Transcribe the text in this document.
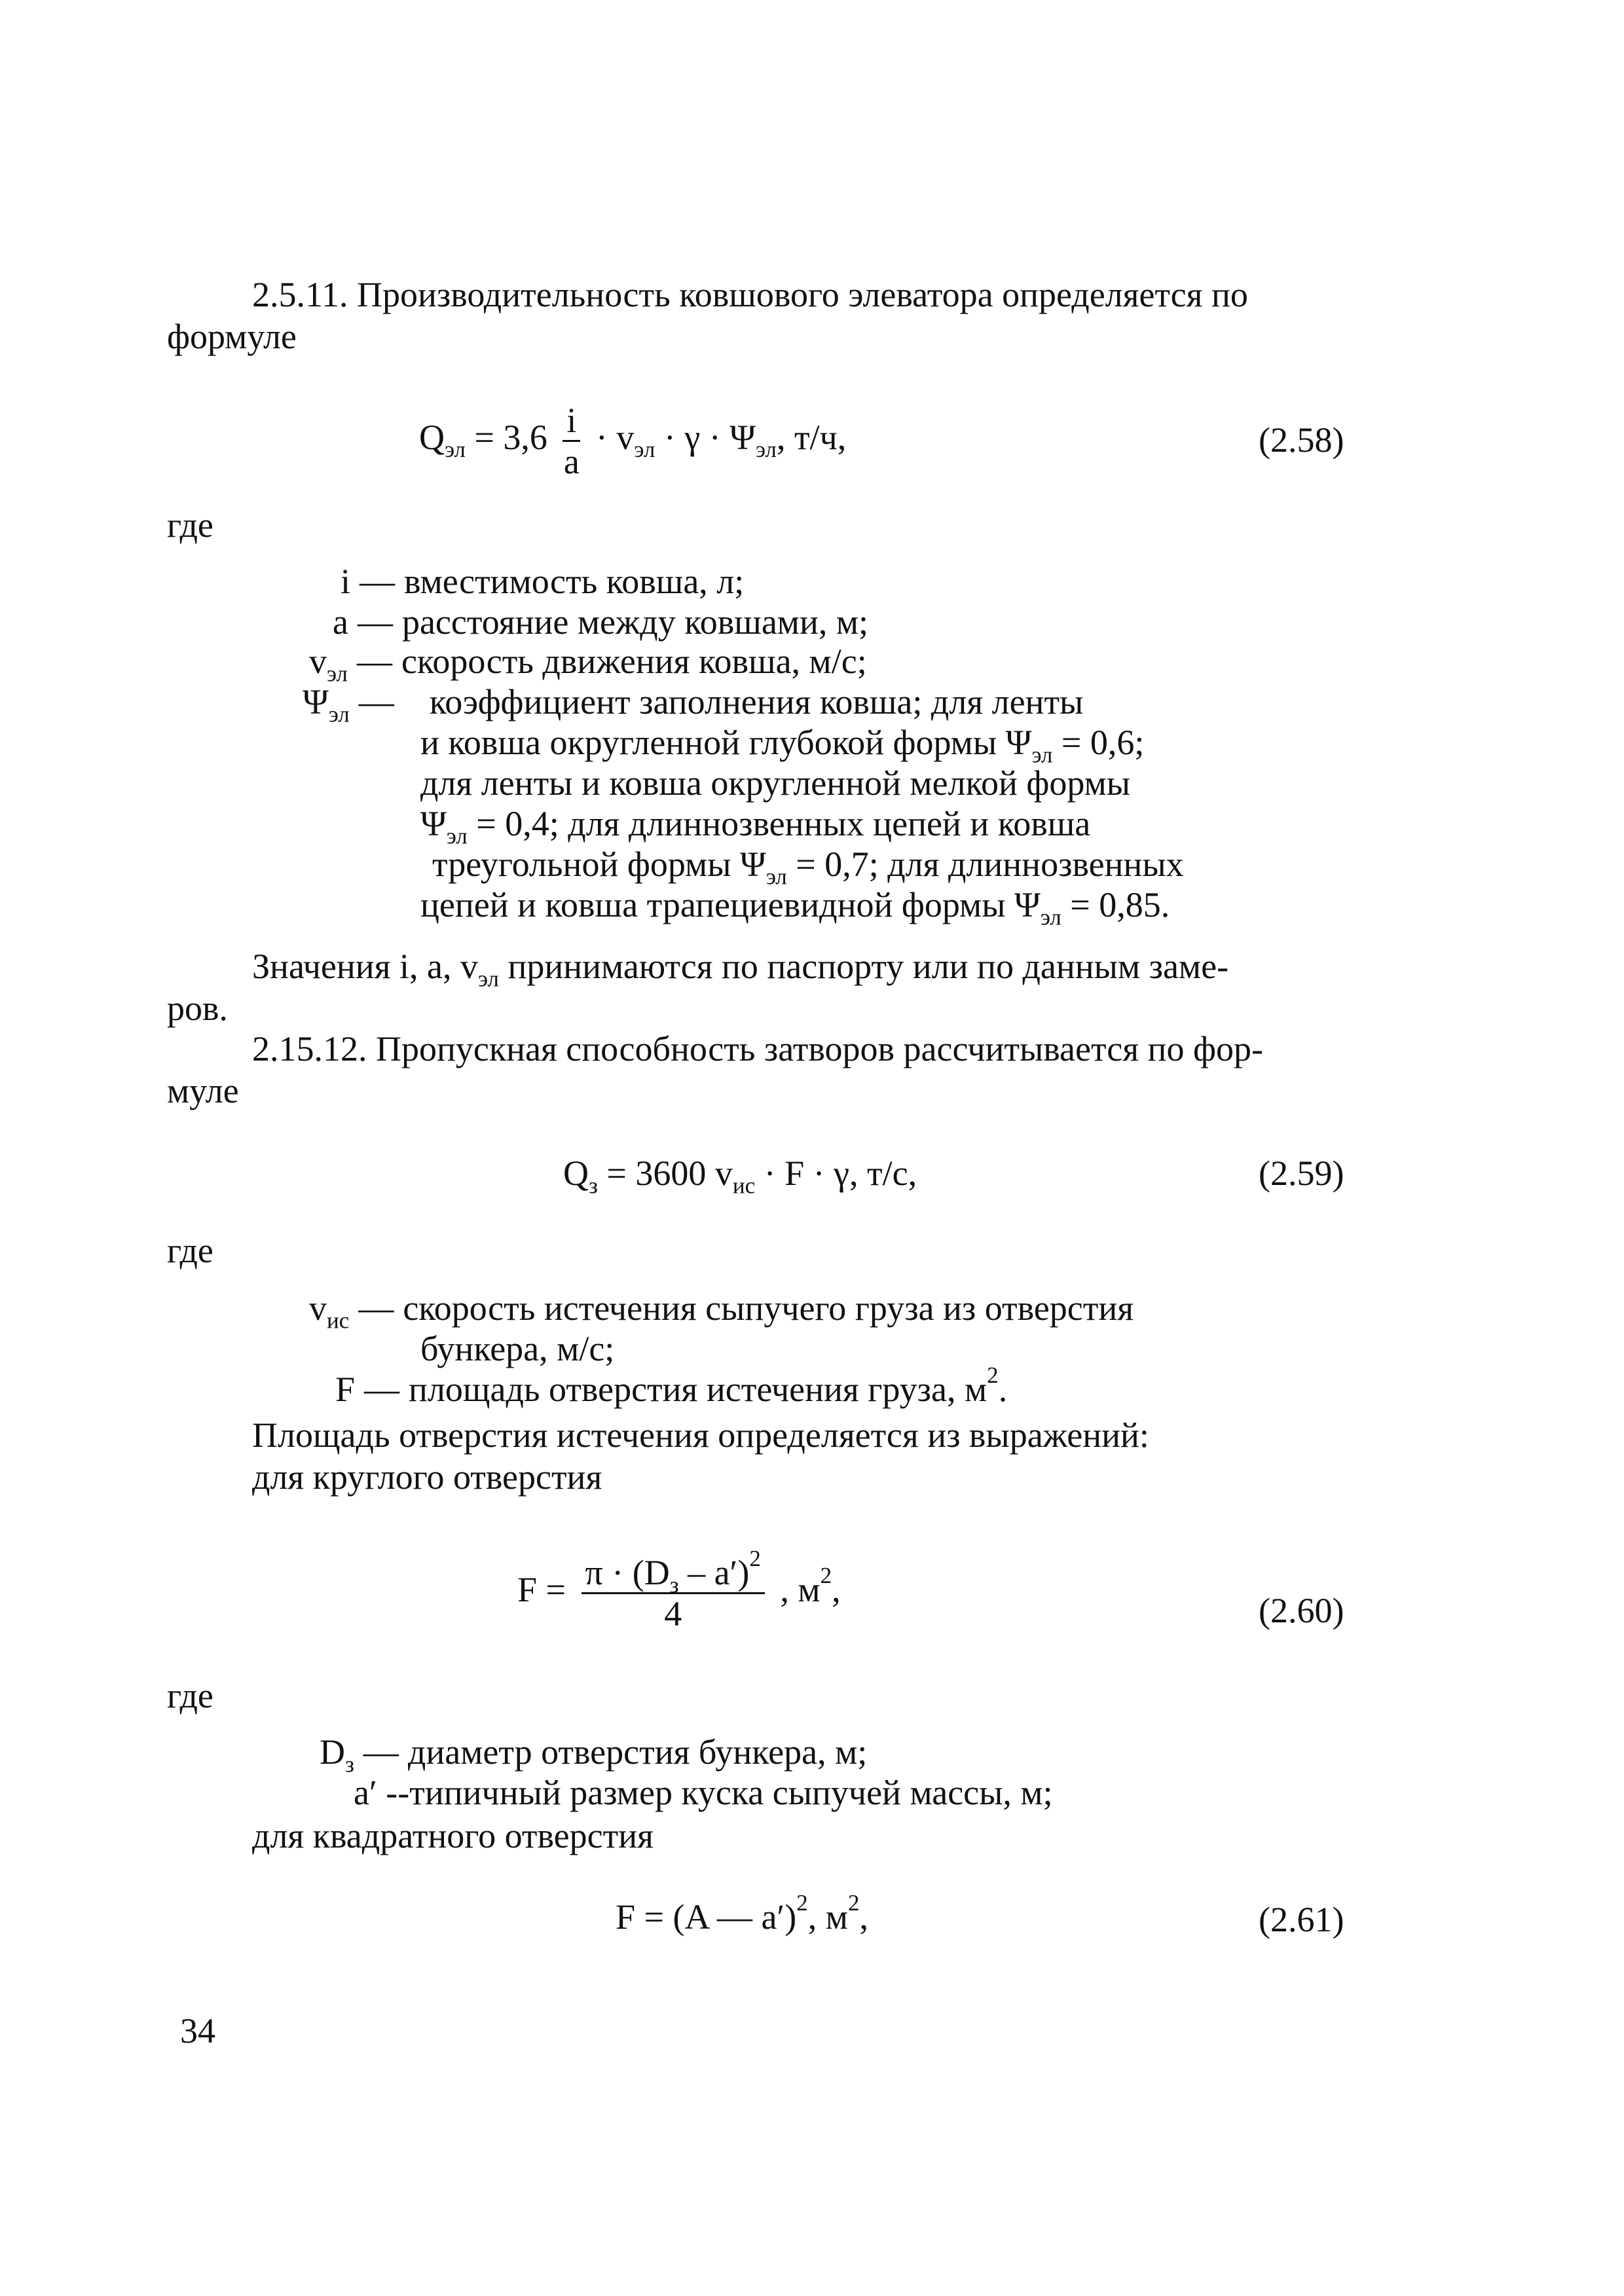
2.5.11. Производительность ковшового элеватора определяется по
формуле
$Q_{эл} = 3,6 \frac{i}{a} \cdot v_{эл} \cdot \gamma \cdot \Psi_{эл}$, т/ч,	(2.58)
где
i — вместимость ковша, л;
a — расстояние между ковшами, м;
$v_{эл}$ — скорость движения ковша, м/с;
$\Psi_{эл}$ — коэффициент заполнения ковша; для ленты
и ковша округленной глубокой формы $\Psi_{эл} = 0,6$;
для ленты и ковша округленной мелкой формы
$\Psi_{эл} = 0,4$; для длиннозвенных цепей и ковша
треугольной формы $\Psi_{эл} = 0,7$; для длиннозвенных
цепей и ковша трапециевидной формы $\Psi_{эл} = 0,85$.
Значения i, a, $v_{эл}$ принимаются по паспорту или по данным заме-
ров.
2.15.12. Пропускная способность затворов рассчитывается по фор-
муле
$Q_з = 3600$ $v_{ис} \cdot F \cdot \gamma$, т/с,	(2.59)
где
$v_{ис}$ — скорость истечения сыпучего груза из отверстия
бункера, м/с;
F — площадь отверстия истечения груза, $м^2$.
Площадь отверстия истечения определяется из выражений:
для круглого отверстия
$F = \frac{\pi \cdot (D_з - a')^2}{4}$ , $м^2$,
(2.60)
где
$D_з$ — диаметр отверстия бункера, м;
a′ --типичный размер куска сыпучей массы, м;
для квадратного отверстия
F = (A — a′)$^2$, $м^2$,	(2.61)
34
